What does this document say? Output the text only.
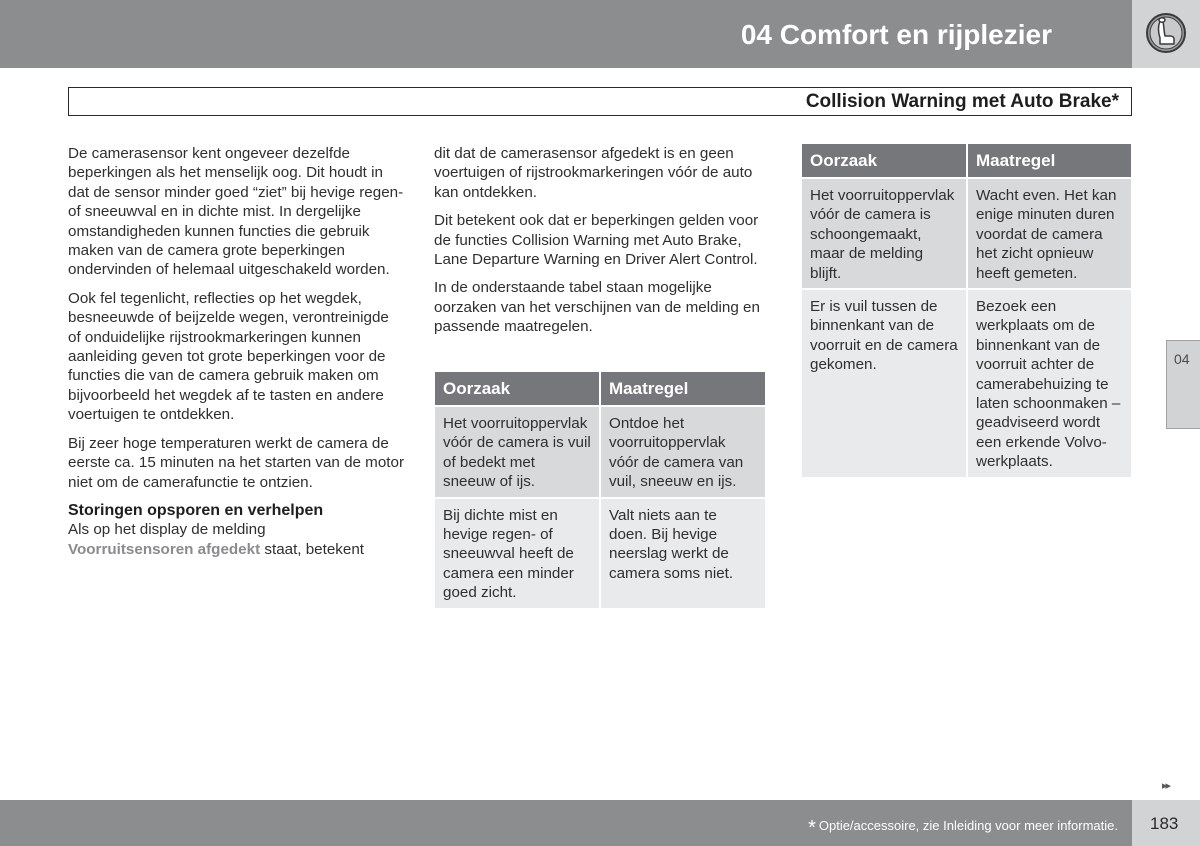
04 Comfort en rijplezier
Collision Warning met Auto Brake*

De camerasensor kent ongeveer dezelfde beperkingen als het menselijk oog. Dit houdt in dat de sensor minder goed “ziet” bij hevige regen- of sneeuwval en in dichte mist. In dergelijke omstandigheden kunnen functies die gebruik maken van de camera grote beperkingen ondervinden of helemaal uitgeschakeld worden.

Ook fel tegenlicht, reflecties op het wegdek, besneeuwde of beijzelde wegen, verontreinigde of onduidelijke rijstrookmarkeringen kunnen aanleiding geven tot grote beperkingen voor de functies die van de camera gebruik maken om bijvoorbeeld het wegdek af te tasten en andere voertuigen te ontdekken.

Bij zeer hoge temperaturen werkt de camera de eerste ca. 15 minuten na het starten van de motor niet om de camerafunctie te ontzien.

Storingen opsporen en verhelpen
Als op het display de melding
Voorruitsensoren afgedekt staat, betekent

dit dat de camerasensor afgedekt is en geen voertuigen of rijstrookmarkeringen vóór de auto kan ontdekken.

Dit betekent ook dat er beperkingen gelden voor de functies Collision Warning met Auto Brake, Lane Departure Warning en Driver Alert Control.

In de onderstaande tabel staan mogelijke oorzaken van het verschijnen van de melding en passende maatregelen.

Oorzaak	Maatregel
Het voorruitoppervlak vóór de camera is vuil of bedekt met sneeuw of ijs.	Ontdoe het voorruitoppervlak vóór de camera van vuil, sneeuw en ijs.
Bij dichte mist en hevige regen- of sneeuwval heeft de camera een minder goed zicht.	Valt niets aan te doen. Bij hevige neerslag werkt de camera soms niet.
Oorzaak	Maatregel
Het voorruitoppervlak vóór de camera is schoongemaakt, maar de melding blijft.	Wacht even. Het kan enige minuten duren voordat de camera het zicht opnieuw heeft gemeten.
Er is vuil tussen de binnenkant van de voorruit en de camera gekomen.	Bezoek een werkplaats om de binnenkant van de voorruit achter de camerabehuizing te laten schoonmaken – geadviseerd wordt een erkende Volvo-werkplaats.
04
▸▸
* Optie/accessoire, zie Inleiding voor meer informatie. 183
